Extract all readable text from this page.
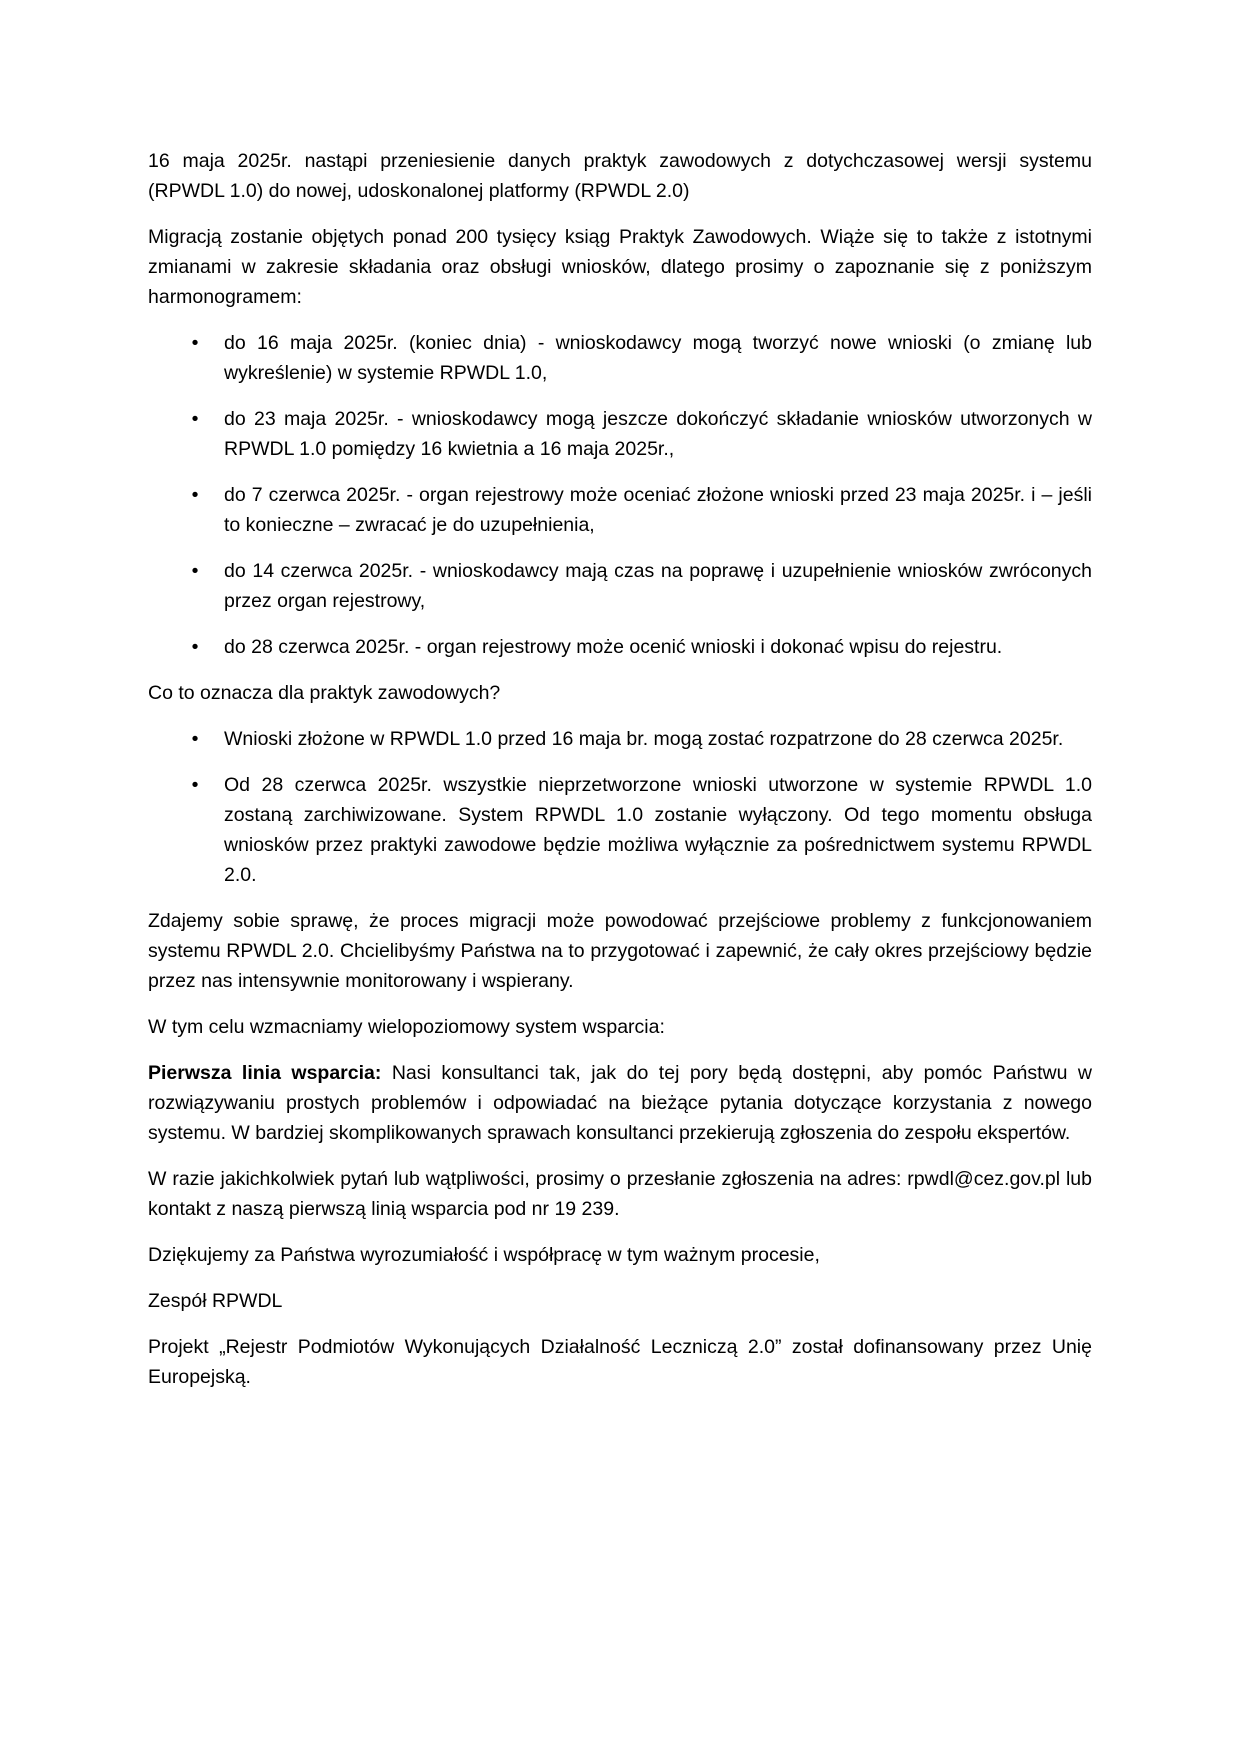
16 maja 2025r. nastąpi przeniesienie danych praktyk zawodowych z dotychczasowej wersji systemu (RPWDL 1.0) do nowej, udoskonalonej platformy (RPWDL 2.0)

Migracją zostanie objętych ponad 200 tysięcy ksiąg Praktyk Zawodowych. Wiąże się to także z istotnymi zmianami w zakresie składania oraz obsługi wniosków, dlatego prosimy o zapoznanie się z poniższym harmonogramem:

• do 16 maja 2025r. (koniec dnia) - wnioskodawcy mogą tworzyć nowe wnioski (o zmianę lub wykreślenie) w systemie RPWDL 1.0,
• do 23 maja 2025r. - wnioskodawcy mogą jeszcze dokończyć składanie wniosków utworzonych w RPWDL 1.0 pomiędzy 16 kwietnia a 16 maja 2025r.,
• do 7 czerwca 2025r. - organ rejestrowy może oceniać złożone wnioski przed 23 maja 2025r. i – jeśli to konieczne – zwracać je do uzupełnienia,
• do 14 czerwca 2025r. - wnioskodawcy mają czas na poprawę i uzupełnienie wniosków zwróconych przez organ rejestrowy,
• do 28 czerwca 2025r. - organ rejestrowy może ocenić wnioski i dokonać wpisu do rejestru.

Co to oznacza dla praktyk zawodowych?

• Wnioski złożone w RPWDL 1.0 przed 16 maja br. mogą zostać rozpatrzone do 28 czerwca 2025r.
• Od 28 czerwca 2025r. wszystkie nieprzetworzone wnioski utworzone w systemie RPWDL 1.0 zostaną zarchiwizowane. System RPWDL 1.0 zostanie wyłączony. Od tego momentu obsługa wniosków przez praktyki zawodowe będzie możliwa wyłącznie za pośrednictwem systemu RPWDL 2.0.

Zdajemy sobie sprawę, że proces migracji może powodować przejściowe problemy z funkcjonowaniem systemu RPWDL 2.0. Chcielibyśmy Państwa na to przygotować i zapewnić, że cały okres przejściowy będzie przez nas intensywnie monitorowany i wspierany.

W tym celu wzmacniamy wielopoziomowy system wsparcia:

Pierwsza linia wsparcia: Nasi konsultanci tak, jak do tej pory będą dostępni, aby pomóc Państwu w rozwiązywaniu prostych problemów i odpowiadać na bieżące pytania dotyczące korzystania z nowego systemu. W bardziej skomplikowanych sprawach konsultanci przekierują zgłoszenia do zespołu ekspertów.

W razie jakichkolwiek pytań lub wątpliwości, prosimy o przesłanie zgłoszenia na adres: rpwdl@cez.gov.pl lub kontakt z naszą pierwszą linią wsparcia pod nr 19 239.

Dziękujemy za Państwa wyrozumiałość i współpracę w tym ważnym procesie,

Zespół RPWDL

Projekt „Rejestr Podmiotów Wykonujących Działalność Leczniczą 2.0” został dofinansowany przez Unię Europejską.
